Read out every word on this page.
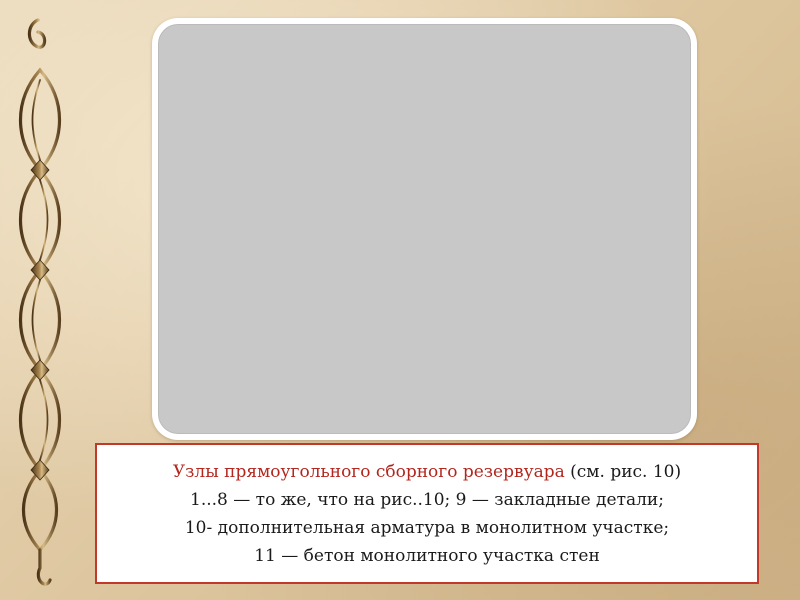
Узлы прямоугольного сборного резервуара (см. рис. 10)
1...8 — то же, что на рис..10; 9 — закладные детали;
10- дополнительная арматура в монолитном участке;
11 — бетон монолитного участка стен
